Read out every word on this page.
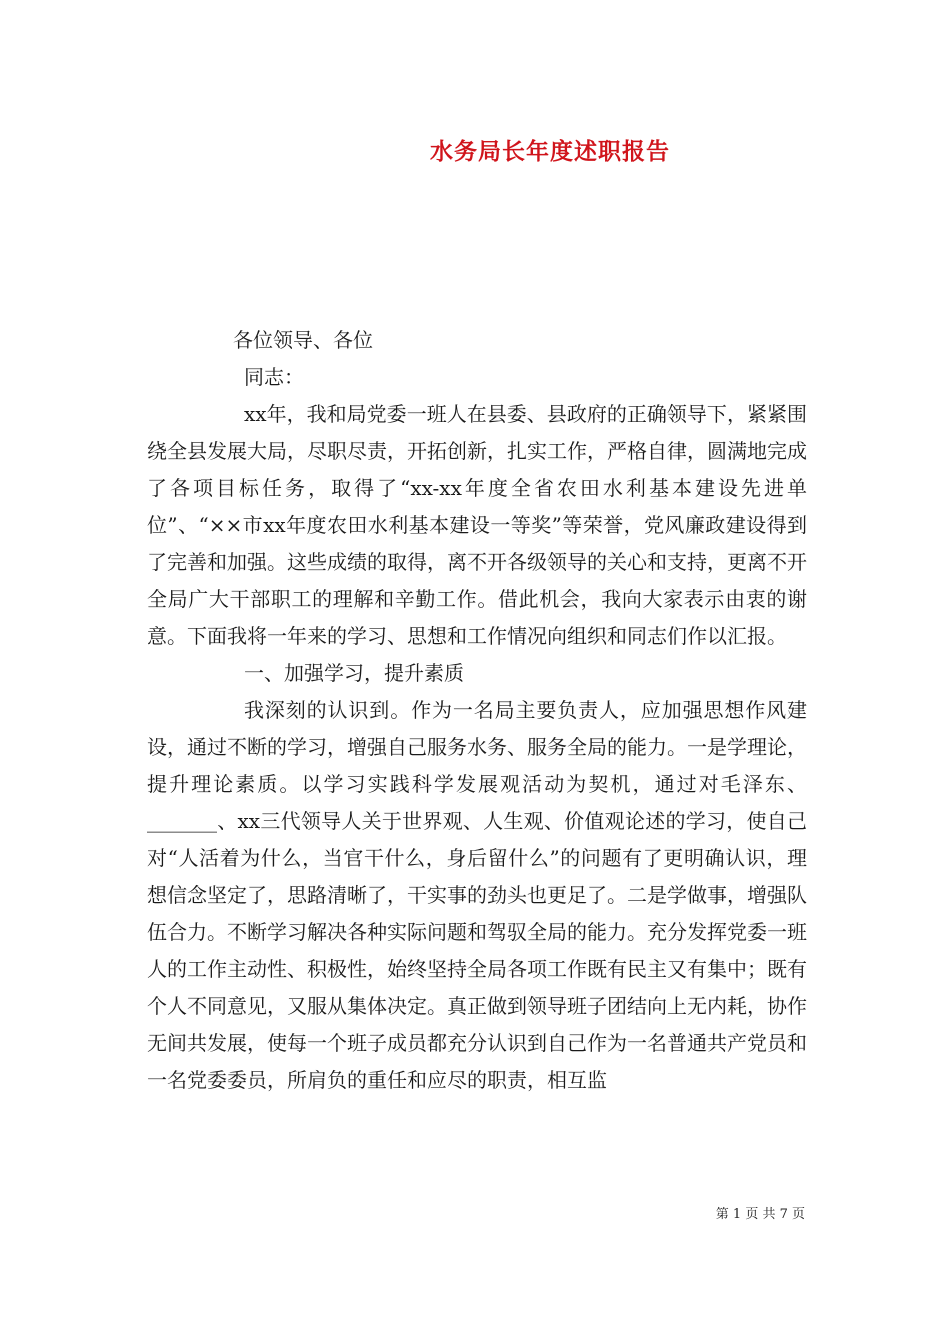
水务局长年度述职报告

各位领导、各位

同志：

xx年，我和局党委一班人在县委、县政府的正确领导下，紧紧围绕全县发展大局，尽职尽责，开拓创新，扎实工作，严格自律，圆满地完成了各项目标任务，取得了“xx-xx年度全省农田水利基本建设先进单位”、“××市xx年度农田水利基本建设一等奖”等荣誉，党风廉政建设得到了完善和加强。这些成绩的取得，离不开各级领导的关心和支持，更离不开全局广大干部职工的理解和辛勤工作。借此机会，我向大家表示由衷的谢意。下面我将一年来的学习、思想和工作情况向组织和同志们作以汇报。

一、加强学习，提升素质

我深刻的认识到。作为一名局主要负责人，应加强思想作风建设，通过不断的学习，增强自己服务水务、服务全局的能力。一是学理论，提升理论素质。以学习实践科学发展观活动为契机，通过对毛泽东、_______、xx三代领导人关于世界观、人生观、价值观论述的学习，使自己对“人活着为什么，当官干什么，身后留什么”的问题有了更明确认识，理想信念坚定了，思路清晰了，干实事的劲头也更足了。二是学做事，增强队伍合力。不断学习解决各种实际问题和驾驭全局的能力。充分发挥党委一班人的工作主动性、积极性，始终坚持全局各项工作既有民主又有集中；既有个人不同意见，又服从集体决定。真正做到领导班子团结向上无内耗，协作无间共发展，使每一个班子成员都充分认识到自己作为一名普通共产党员和一名党委委员，所肩负的重任和应尽的职责，相互监

第 1 页 共 7 页
